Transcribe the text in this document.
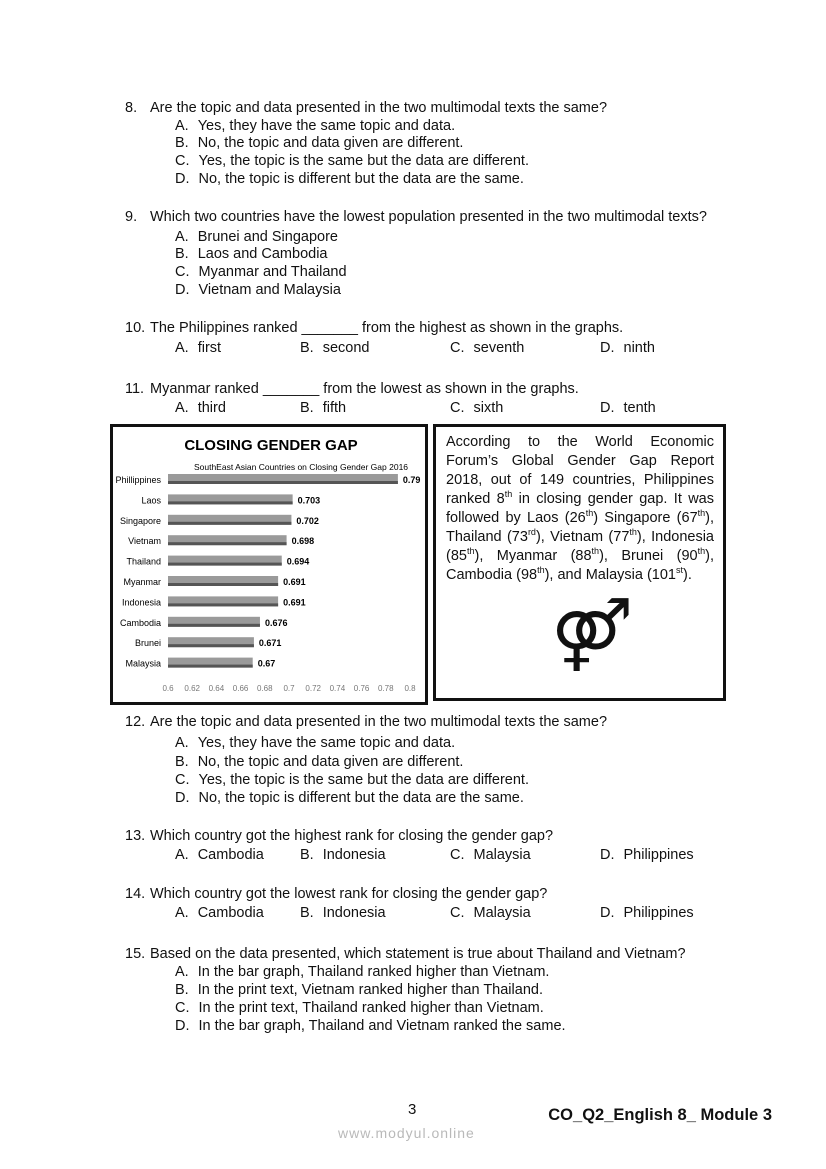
8. Are the topic and data presented in the two multimodal texts the same?
A. Yes, they have the same topic and data.
B. No, the topic and data given are different.
C. Yes, the topic is the same but the data are different.
D. No, the topic is different but the data are the same.
9. Which two countries have the lowest population presented in the two multimodal texts?
A. Brunei and Singapore
B. Laos and Cambodia
C. Myanmar and Thailand
D. Vietnam and Malaysia
10. The Philippines ranked _______ from the highest as shown in the graphs.
A. first	B. second	C. seventh	D. ninth
11. Myanmar ranked _______ from the lowest as shown in the graphs.
A. third	B. fifth	C. sixth	D. tenth
12. Are the topic and data presented in the two multimodal texts the same?
A. Yes, they have the same topic and data.
B. No, the topic and data given are different.
C. Yes, the topic is the same but the data are different.
D. No, the topic is different but the data are the same.
13. Which country got the highest rank for closing the gender gap?
A. Cambodia B. Indonesia	C. Malaysia	D. Philippines
14. Which country got the lowest rank for closing the gender gap?
A. Cambodia B. Indonesia	C. Malaysia	D. Philippines
15. Based on the data presented, which statement is true about Thailand and Vietnam?
A. In the bar graph, Thailand ranked higher than Vietnam.
B. In the print text, Vietnam ranked higher than Thailand.
C. In the print text, Thailand ranked higher than Vietnam.
D. In the bar graph, Thailand and Vietnam ranked the same.
CLOSING GENDER GAP
SouthEast Asian Countries on Closing Gender Gap 2016
Phillippines	0.79
Laos	0.703
Singapore	0.702
Vietnam	0.698
Thailand	0.694
Myanmar	0.691
Indonesia	0.691
Cambodia	0.676
Brunei	0.671
Malaysia	0.67
0.6 0.62 0.64 0.66 0.68 0.7 0.72 0.74 0.76 0.78 0.8
According to the World Economic Forum’s Global Gender Gap Report 2018, out of 149 countries, Philippines ranked 8th in closing gender gap. It was followed by Laos (26th) Singapore (67th), Thailand (73rd), Vietnam (77th), Indonesia (85th), Myanmar (88th), Brunei (90th), Cambodia (98th), and Malaysia (101st).
⚤
3	CO_Q2_English 8_ Module 3
www.modyul.online
